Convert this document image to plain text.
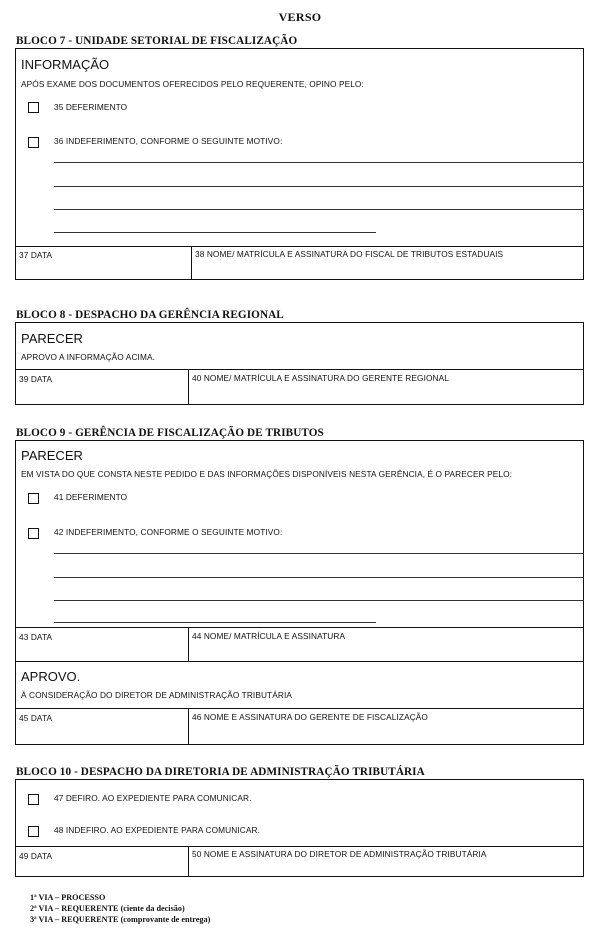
VERSO
BLOCO 7 - UNIDADE SETORIAL DE FISCALIZAÇÃO
INFORMAÇÃO
APÓS EXAME DOS DOCUMENTOS OFERECIDOS PELO REQUERENTE, OPINO PELO:
35 DEFERIMENTO
36 INDEFERIMENTO, CONFORME O SEGUINTE MOTIVO:
37 DATA	38 NOME/ MATRÍCULA E ASSINATURA DO FISCAL DE TRIBUTOS ESTADUAIS
BLOCO 8 - DESPACHO DA GERÊNCIA REGIONAL
PARECER
APROVO A INFORMAÇÃO ACIMA.
39 DATA	40 NOME/ MATRÍCULA E ASSINATURA DO GERENTE REGIONAL
BLOCO 9 - GERÊNCIA DE FISCALIZAÇÃO DE TRIBUTOS
PARECER
EM VISTA DO QUE CONSTA NESTE PEDIDO E DAS INFORMAÇÕES DISPONÍVEIS NESTA GERÊNCIA, É O PARECER PELO:
41 DEFERIMENTO
42 INDEFERIMENTO, CONFORME O SEGUINTE MOTIVO:
43 DATA	44 NOME/ MATRÍCULA E ASSINATURA
APROVO.
À CONSIDERAÇÃO DO DIRETOR DE ADMINISTRAÇÃO TRIBUTÁRIA
45 DATA	46 NOME E ASSINATURA DO GERENTE DE FISCALIZAÇÃO
BLOCO 10 - DESPACHO DA DIRETORIA DE ADMINISTRAÇÃO TRIBUTÁRIA
47 DEFIRO. AO EXPEDIENTE PARA COMUNICAR.
48 INDEFIRO. AO EXPEDIENTE PARA COMUNICAR.
49 DATA	50 NOME E ASSINATURA DO DIRETOR DE ADMINISTRAÇÃO TRIBUTÁRIA
1ª VIA – PROCESSO
2ª VIA – REQUERENTE (ciente da decisão)
3ª VIA – REQUERENTE (comprovante de entrega)
